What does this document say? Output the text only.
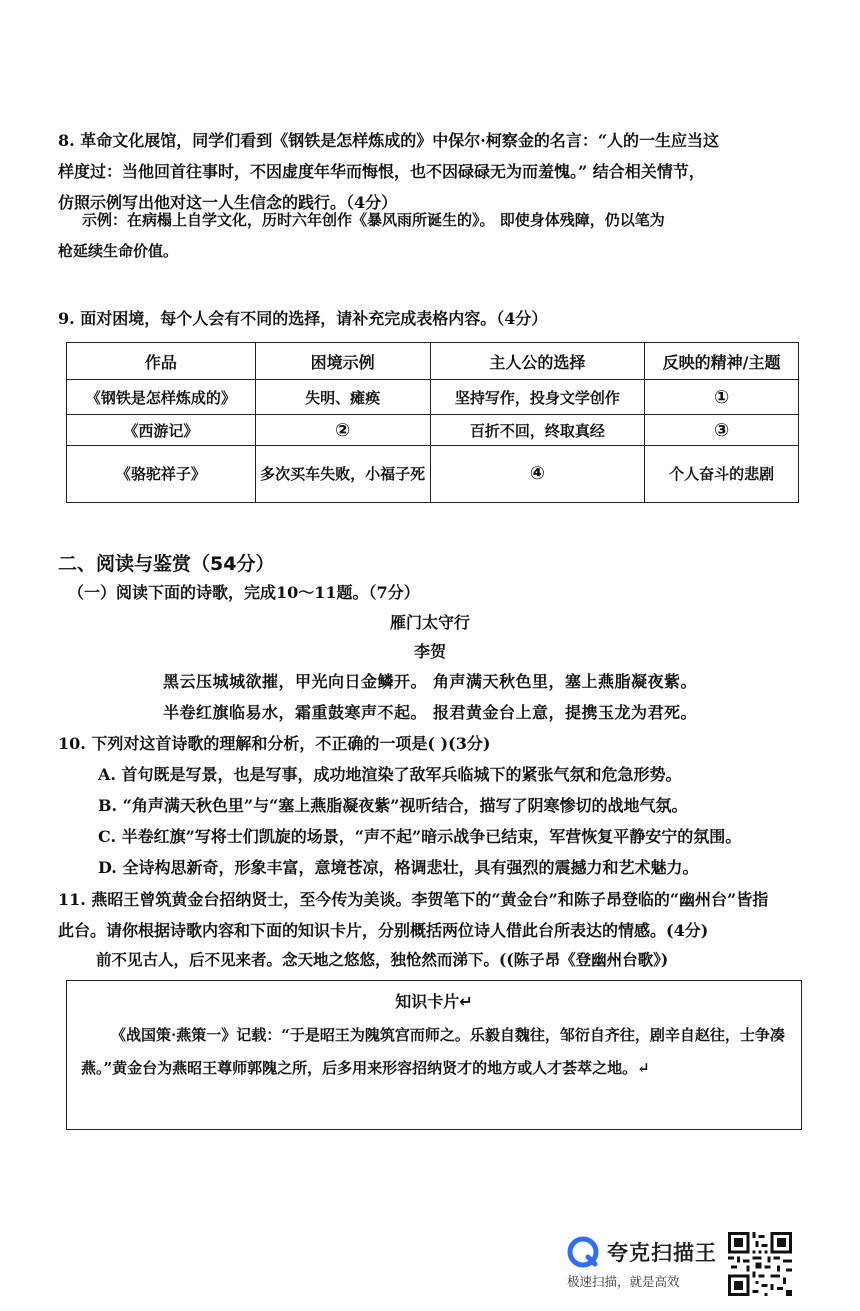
8. 革命文化展馆，同学们看到《钢铁是怎样炼成的》中保尔·柯察金的名言：“人的一生应当这
样度过：当他回首往事时，不因虚度年华而悔恨，也不因碌碌无为而羞愧。” 结合相关情节，
仿照示例写出他对这一人生信念的践行。（4分）
示例：在病榻上自学文化，历时六年创作《暴风雨所诞生的》。 即使身体残障，仍以笔为
枪延续生命价值。
9. 面对困境，每个人会有不同的选择，请补充完成表格内容。（4分）
作品	困境示例	主人公的选择	反映的精神/主题
《钢铁是怎样炼成的》	失明、瘫痪	坚持写作，投身文学创作	①
《西游记》	②	百折不回，终取真经	③
《骆驼祥子》	多次买车失败，小福子死	④	个人奋斗的悲剧
二、阅读与鉴赏（54分）
（一）阅读下面的诗歌，完成10～11题。（7分）
雁门太守行
李贺
黑云压城城欲摧，甲光向日金鳞开。 角声满天秋色里，塞上燕脂凝夜紫。
半卷红旗临易水，霜重鼓寒声不起。 报君黄金台上意，提携玉龙为君死。
10. 下列对这首诗歌的理解和分析，不正确的一项是( )(3分)
A. 首句既是写景，也是写事，成功地渲染了敌军兵临城下的紧张气氛和危急形势。
B. “角声满天秋色里”与“塞上燕脂凝夜紫”视听结合，描写了阴寒惨切的战地气氛。
C. 半卷红旗”写将士们凯旋的场景，“声不起”暗示战争已结束，军营恢复平静安宁的氛围。
D. 全诗构思新奇，形象丰富，意境苍凉，格调悲壮，具有强烈的震撼力和艺术魅力。
11. 燕昭王曾筑黄金台招纳贤士，至今传为美谈。李贺笔下的“黄金台”和陈子昂登临的“幽州台”皆指
此台。请你根据诗歌内容和下面的知识卡片，分别概括两位诗人借此台所表达的情感。(4分)
前不见古人，后不见来者。念天地之悠悠，独怆然而涕下。((陈子昂《登幽州台歌》)
知识卡片↵
《战国策·燕策一》记载：“于是昭王为隗筑宫而师之。乐毅自魏往，邹衍自齐往，剧辛自赵往，士争凑燕。”黄金台为燕昭王尊师郭隗之所，后多用来形容招纳贤才的地方或人才荟萃之地。↵
夸克扫描王
极速扫描，就是高效
